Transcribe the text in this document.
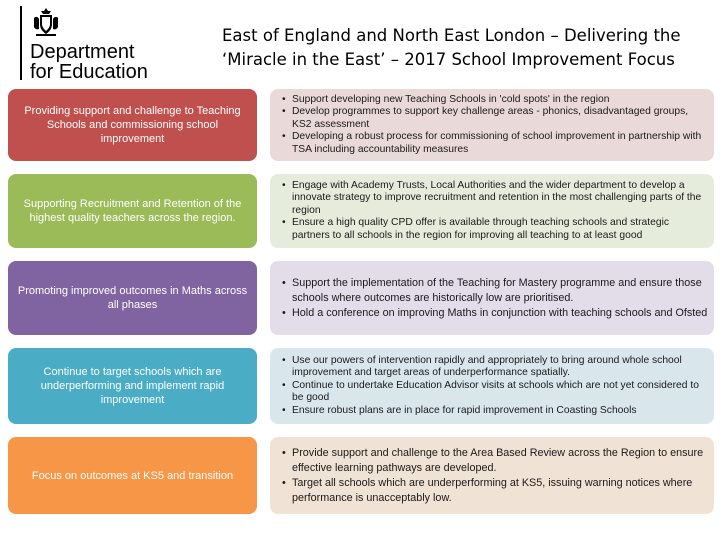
Department
for Education
East of England and North East London – Delivering the
‘Miracle in the East’ – 2017 School Improvement Focus
Providing support and challenge to Teaching Schools and commissioning school improvement
• Support developing new Teaching Schools in 'cold spots' in the region
• Develop programmes to support key challenge areas - phonics, disadvantaged groups, KS2 assessment
• Developing a robust process for commissioning of school improvement in partnership with TSA including accountability measures
Supporting Recruitment and Retention of the highest quality teachers across the region.
• Engage with Academy Trusts, Local Authorities and the wider department to develop a innovate strategy to improve recruitment and retention in the most challenging parts of the region
• Ensure a high quality CPD offer is available through teaching schools and strategic partners to all schools in the region for improving all teaching to at least good
Promoting improved outcomes in Maths across all phases
• Support the implementation of the Teaching for Mastery programme and ensure those schools where outcomes are historically low are prioritised.
• Hold a conference on improving Maths in conjunction with teaching schools and Ofsted
Continue to target schools which are underperforming and implement rapid improvement
• Use our powers of intervention rapidly and appropriately to bring around whole school improvement and target areas of underperformance spatially.
• Continue to undertake Education Advisor visits at schools which are not yet considered to be good
• Ensure robust plans are in place for rapid improvement in Coasting Schools
Focus on outcomes at KS5 and transition
• Provide support and challenge to the Area Based Review across the Region to ensure effective learning pathways are developed.
• Target all schools which are underperforming at KS5, issuing warning notices where performance is unacceptably low.
